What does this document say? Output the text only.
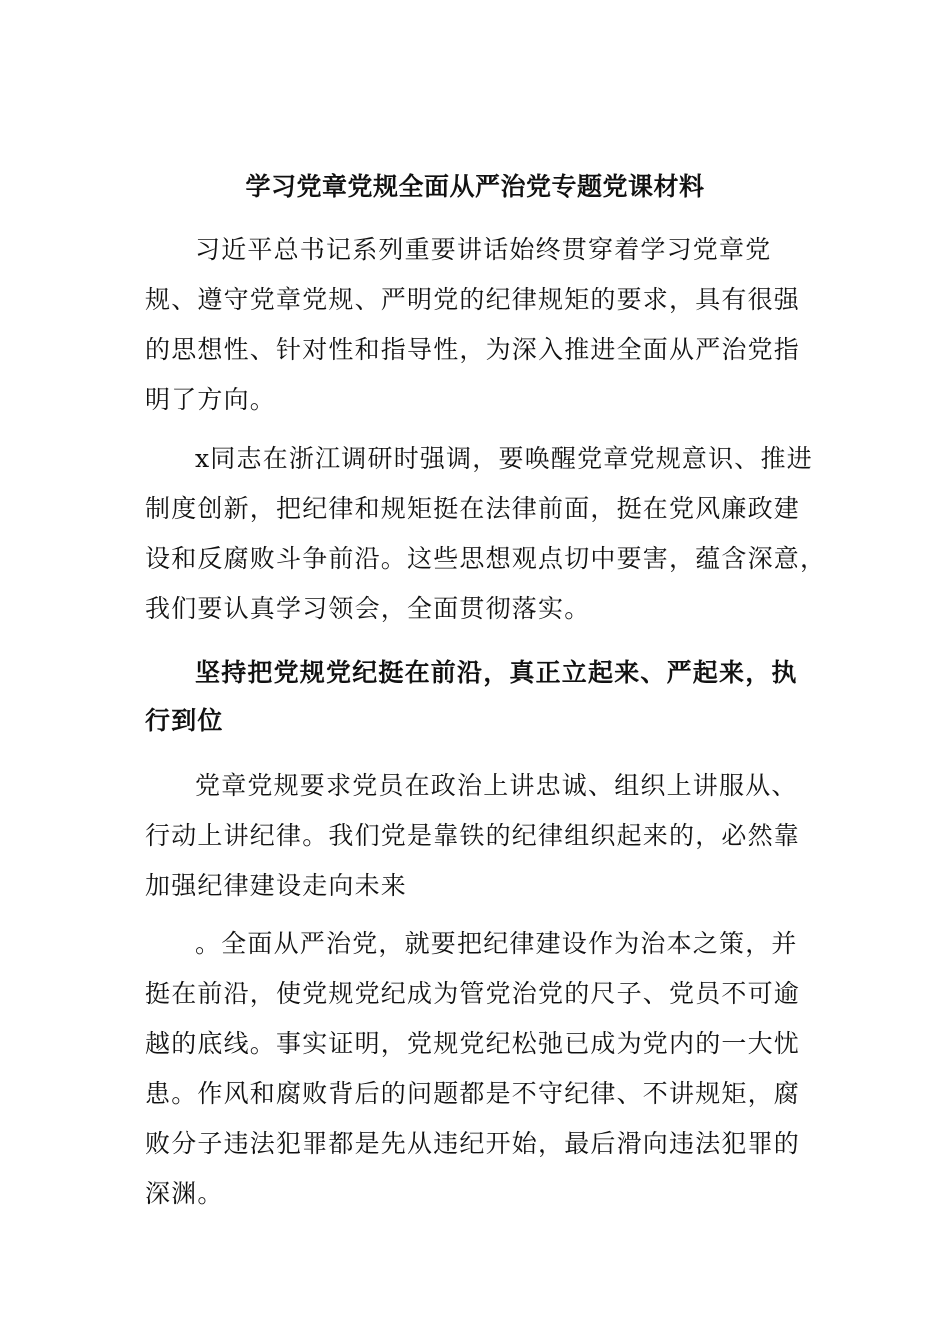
学习党章党规全面从严治党专题党课材料
习近平总书记系列重要讲话始终贯穿着学习党章党
规、遵守党章党规、严明党的纪律规矩的要求，具有很强
的思想性、针对性和指导性，为深入推进全面从严治党指
明了方向。
x同志在浙江调研时强调，要唤醒党章党规意识、推进
制度创新，把纪律和规矩挺在法律前面，挺在党风廉政建
设和反腐败斗争前沿。这些思想观点切中要害，蕴含深意，
我们要认真学习领会，全面贯彻落实。
坚持把党规党纪挺在前沿，真正立起来、严起来，执
行到位
党章党规要求党员在政治上讲忠诚、组织上讲服从、
行动上讲纪律。我们党是靠铁的纪律组织起来的，必然靠
加强纪律建设走向未来
。全面从严治党，就要把纪律建设作为治本之策，并
挺在前沿，使党规党纪成为管党治党的尺子、党员不可逾
越的底线。事实证明，党规党纪松弛已成为党内的一大忧
患。作风和腐败背后的问题都是不守纪律、不讲规矩，腐
败分子违法犯罪都是先从违纪开始，最后滑向违法犯罪的
深渊。
